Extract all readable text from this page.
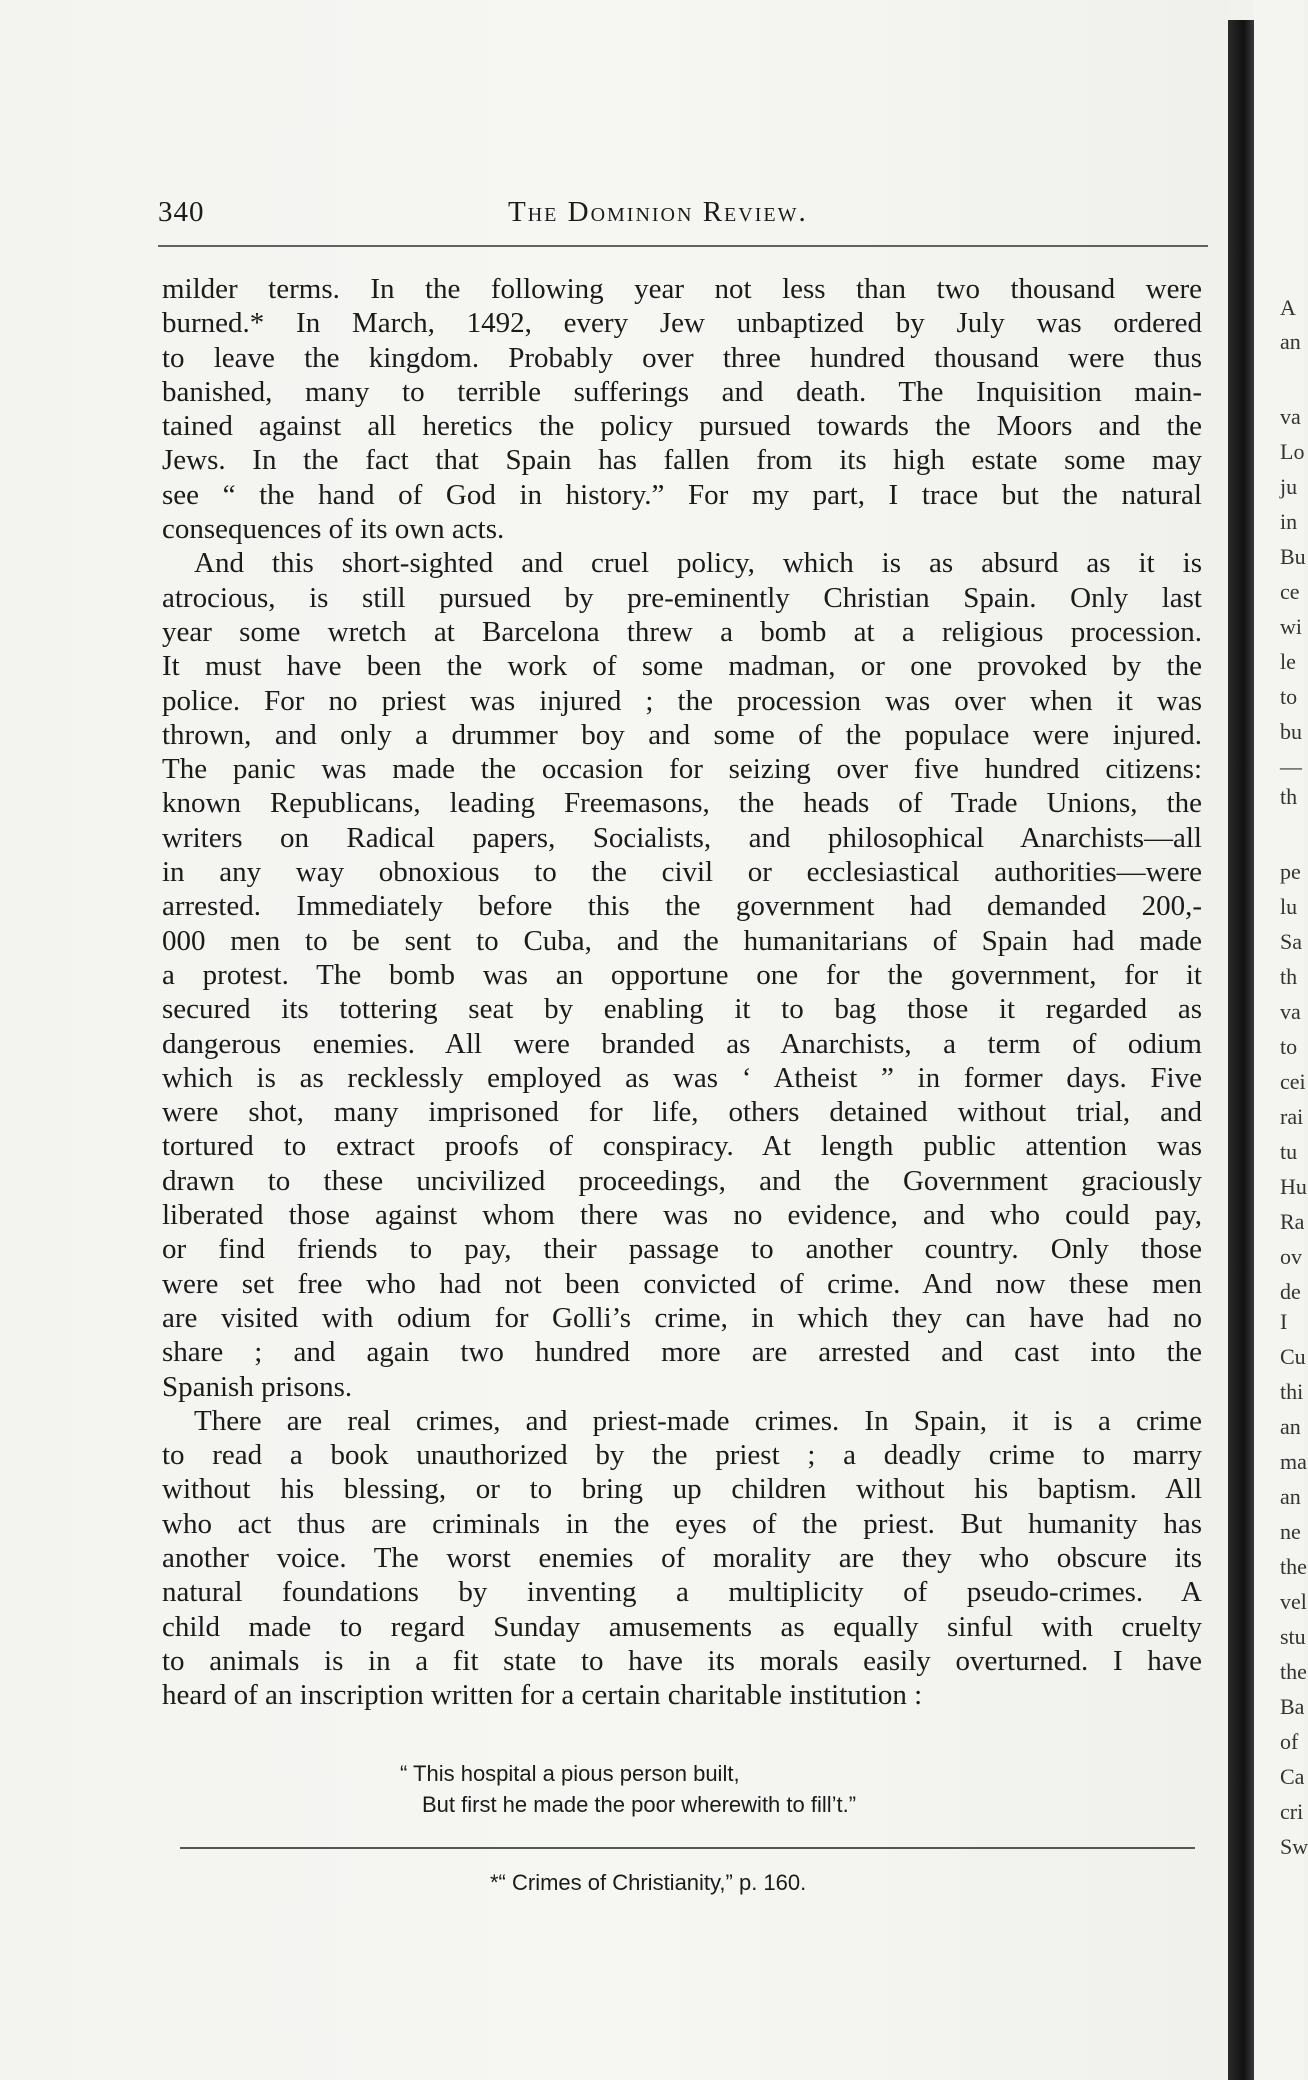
340	The Dominion Review.
milder terms. In the following year not less than two thousand were
burned.* In March, 1492, every Jew unbaptized by July was ordered
to leave the kingdom. Probably over three hundred thousand were thus
banished, many to terrible sufferings and death. The Inquisition main-
tained against all heretics the policy pursued towards the Moors and the
Jews. In the fact that Spain has fallen from its high estate some may
see “ the hand of God in history.” For my part, I trace but the natural
consequences of its own acts.
And this short-sighted and cruel policy, which is as absurd as it is
atrocious, is still pursued by pre-eminently Christian Spain. Only last
year some wretch at Barcelona threw a bomb at a religious procession.
It must have been the work of some madman, or one provoked by the
police. For no priest was injured ; the procession was over when it was
thrown, and only a drummer boy and some of the populace were injured.
The panic was made the occasion for seizing over five hundred citizens:
known Republicans, leading Freemasons, the heads of Trade Unions, the
writers on Radical papers, Socialists, and philosophical Anarchists—all
in any way obnoxious to the civil or ecclesiastical authorities—were
arrested. Immediately before this the government had demanded 200,-
000 men to be sent to Cuba, and the humanitarians of Spain had made
a protest. The bomb was an opportune one for the government, for it
secured its tottering seat by enabling it to bag those it regarded as
dangerous enemies. All were branded as Anarchists, a term of odium
which is as recklessly employed as was ‘ Atheist ” in former days. Five
were shot, many imprisoned for life, others detained without trial, and
tortured to extract proofs of conspiracy. At length public attention was
drawn to these uncivilized proceedings, and the Government graciously
liberated those against whom there was no evidence, and who could pay,
or find friends to pay, their passage to another country. Only those
were set free who had not been convicted of crime. And now these men
are visited with odium for Golli’s crime, in which they can have had no
share ; and again two hundred more are arrested and cast into the
Spanish prisons.
There are real crimes, and priest-made crimes. In Spain, it is a crime
to read a book unauthorized by the priest ; a deadly crime to marry
without his blessing, or to bring up children without his baptism. All
who act thus are criminals in the eyes of the priest. But humanity has
another voice. The worst enemies of morality are they who obscure its
natural foundations by inventing a multiplicity of pseudo-crimes. A
child made to regard Sunday amusements as equally sinful with cruelty
to animals is in a fit state to have its morals easily overturned. I have
heard of an inscription written for a certain charitable institution :
“ This hospital a pious person built,
But first he made the poor wherewith to fill’t.”
*“ Crimes of Christianity,” p. 160.
A
an
va
Lo
ju
in
Bu
ce
wi
le
to
bu
—
th
pe
lu
Sa
th
va
to
cei
rai
tu
Hu
Ra
ov
de
I
Cu
thi
an
ma
an
ne
the
vel
stu
the
Ba
of
Ca
cri
Sw
